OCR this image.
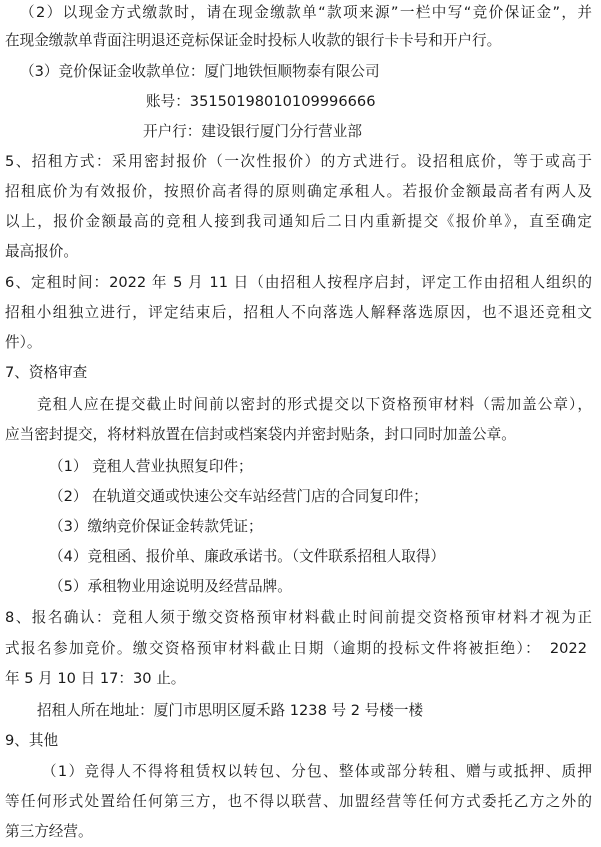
（2）以现金方式缴款时，请在现金缴款单“款项来源”一栏中写“竞价保证金”，并
在现金缴款单背面注明退还竞标保证金时投标人收款的银行卡卡号和开户行。
（3）竞价保证金收款单位：厦门地铁恒顺物泰有限公司
账号：35150198010109996666
开户行：建设银行厦门分行营业部
5、招租方式：采用密封报价（一次性报价）的方式进行。设招租底价，等于或高于
招租底价为有效报价，按照价高者得的原则确定承租人。若报价金额最高者有两人及
以上，报价金额最高的竞租人接到我司通知后二日内重新提交《报价单》，直至确定
最高报价。
6、定租时间：2022 年 5 月 11 日（由招租人按程序启封，评定工作由招租人组织的
招租小组独立进行，评定结束后，招租人不向落选人解释落选原因，也不退还竞租文
件）。
7、资格审查
竞租人应在提交截止时间前以密封的形式提交以下资格预审材料（需加盖公章），
应当密封提交，将材料放置在信封或档案袋内并密封贴条，封口同时加盖公章。
（1） 竞租人营业执照复印件；
（2） 在轨道交通或快速公交车站经营门店的合同复印件；
（3）缴纳竞价保证金转款凭证；
（4）竞租函、报价单、廉政承诺书。（文件联系招租人取得）
（5）承租物业用途说明及经营品牌。
8、报名确认：竞租人须于缴交资格预审材料截止时间前提交资格预审材料才视为正
式报名参加竞价。缴交资格预审材料截止日期（逾期的投标文件将被拒绝）：　2022
年 5 月 10 日 17：30 止。
招租人所在地址：厦门市思明区厦禾路 1238 号 2 号楼一楼
9、其他
（1）竞得人不得将租赁权以转包、分包、整体或部分转租、赠与或抵押、质押
等任何形式处置给任何第三方，也不得以联营、加盟经营等任何方式委托乙方之外的
第三方经营。
